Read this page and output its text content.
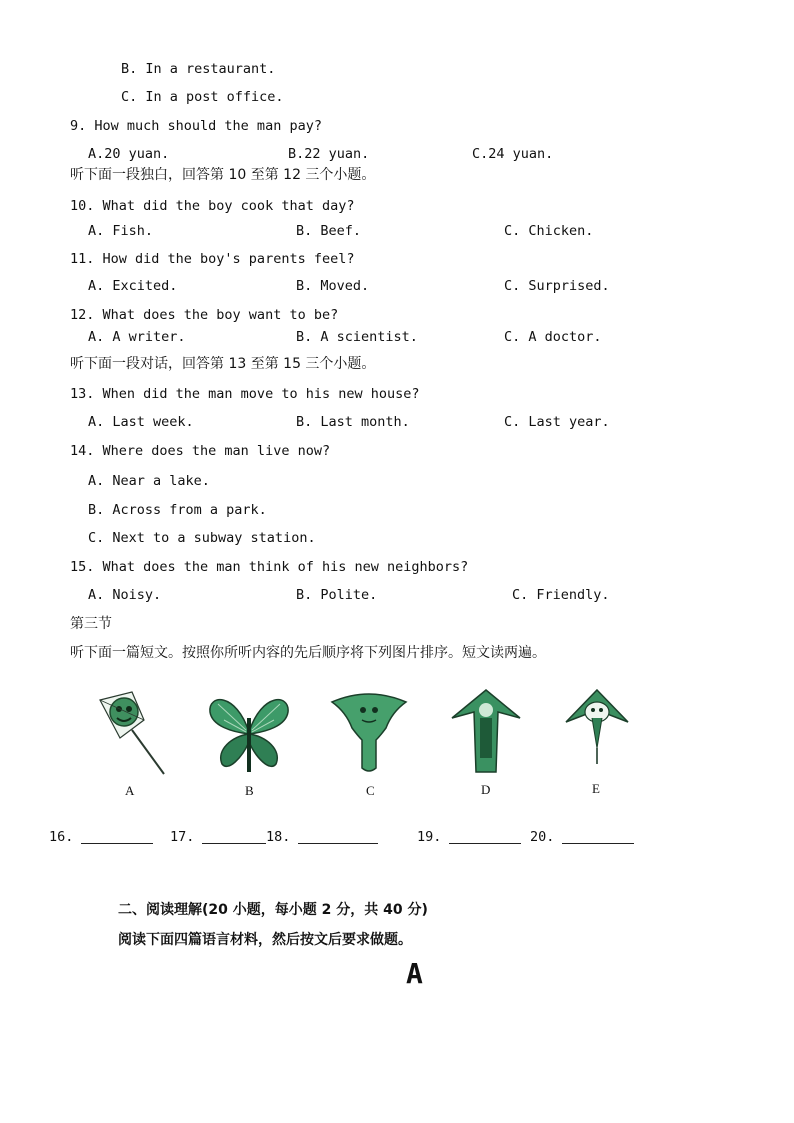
B. In a restaurant.
C. In a post office.
9. How much should the man pay?
A.20 yuan.	B.22 yuan.	C.24 yuan.
听下面一段独白，回答第 10 至第 12 三个小题。
10. What did the boy cook that day?
A. Fish.	B. Beef.	C. Chicken.
11. How did the boy's parents feel?
A. Excited.	B. Moved.	C. Surprised.
12. What does the boy want to be?
A. A writer.	B. A scientist.	C. A doctor.
听下面一段对话，回答第 13 至第 15 三个小题。
13. When did the man move to his new house?
A. Last week.	B. Last month.	C. Last year.
14. Where does the man live now?
A. Near a lake.
B. Across from a park.
C. Next to a subway station.
15. What does the man think of his new neighbors?
A. Noisy.	B. Polite.	C. Friendly.
第三节
听下面一篇短文。按照你所听内容的先后顺序将下列图片排序。短文读两遍。
A	B	C	D	E
16.	17.	18.	19.	20.
二、阅读理解(20 小题，每小题 2 分，共 40 分)
阅读下面四篇语言材料，然后按文后要求做题。
A
